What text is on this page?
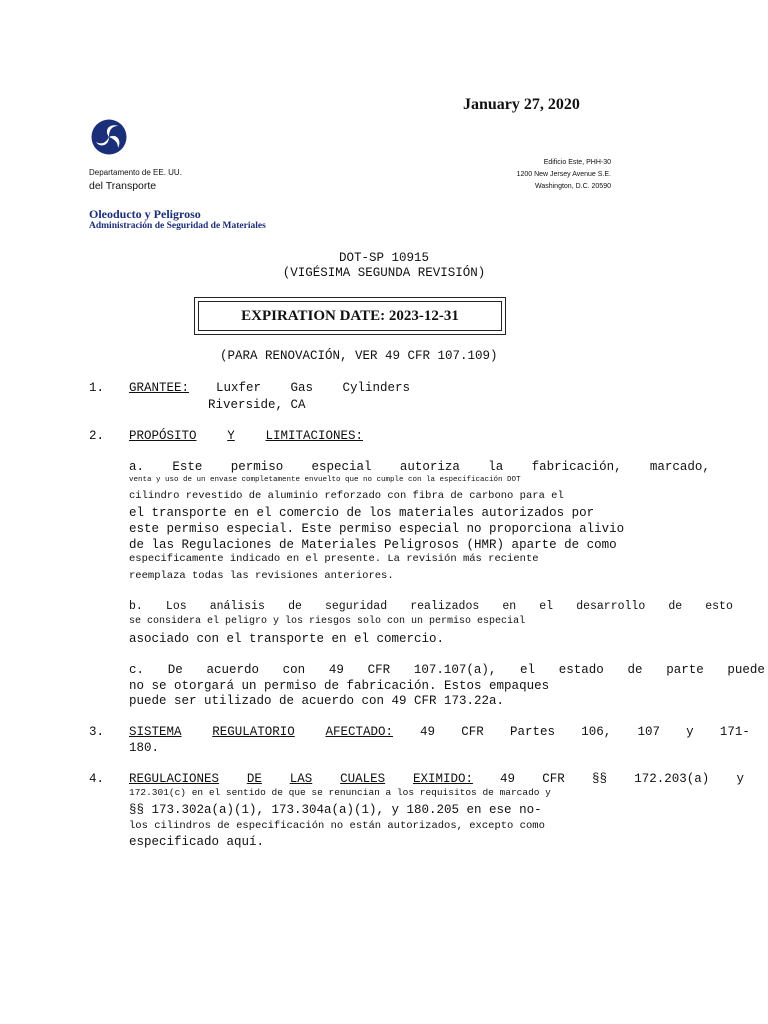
January 27, 2020
Departamento de EE. UU.
del Transporte
Edificio Este, PHH-30
1200 New Jersey Avenue S.E.
Washington, D.C. 20590
Oleoducto y Peligroso
Administración de Seguridad de Materiales
DOT-SP 10915
(VIGÉSIMA SEGUNDA REVISIÓN)
EXPIRATION DATE: 2023-12-31
(PARA RENOVACIÓN, VER 49 CFR 107.109)
1. GRANTEE: Luxfer Gas Cylinders
Riverside, CA
2. PROPÓSITO Y LIMITACIONES:
a. Este permiso especial autoriza la fabricación, marcado,
venta y uso de un envase completamente envuelto que no cumple con la especificación DOT
cilindro revestido de aluminio reforzado con fibra de carbono para el
el transporte en el comercio de los materiales autorizados por
este permiso especial. Este permiso especial no proporciona alivio
de las Regulaciones de Materiales Peligrosos (HMR) aparte de como
especificamente indicado en el presente. La revisión más reciente
reemplaza todas las revisiones anteriores.
b. Los análisis de seguridad realizados en el desarrollo de esto
se considera el peligro y los riesgos solo con un permiso especial
asociado con el transporte en el comercio.
c. De acuerdo con 49 CFR 107.107(a), el estado de parte puede
no se otorgará un permiso de fabricación. Estos empaques
puede ser utilizado de acuerdo con 49 CFR 173.22a.
3. SISTEMA REGULATORIO AFECTADO: 49 CFR Partes 106, 107 y 171-
180.
4. REGULACIONES DE LAS CUALES EXIMIDO: 49 CFR §§ 172.203(a) y
172.301(c) en el sentido de que se renuncian a los requisitos de marcado y
§§ 173.302a(a)(1), 173.304a(a)(1), y 180.205 en ese no-
los cilindros de especificación no están autorizados, excepto como
especificado aquí.
